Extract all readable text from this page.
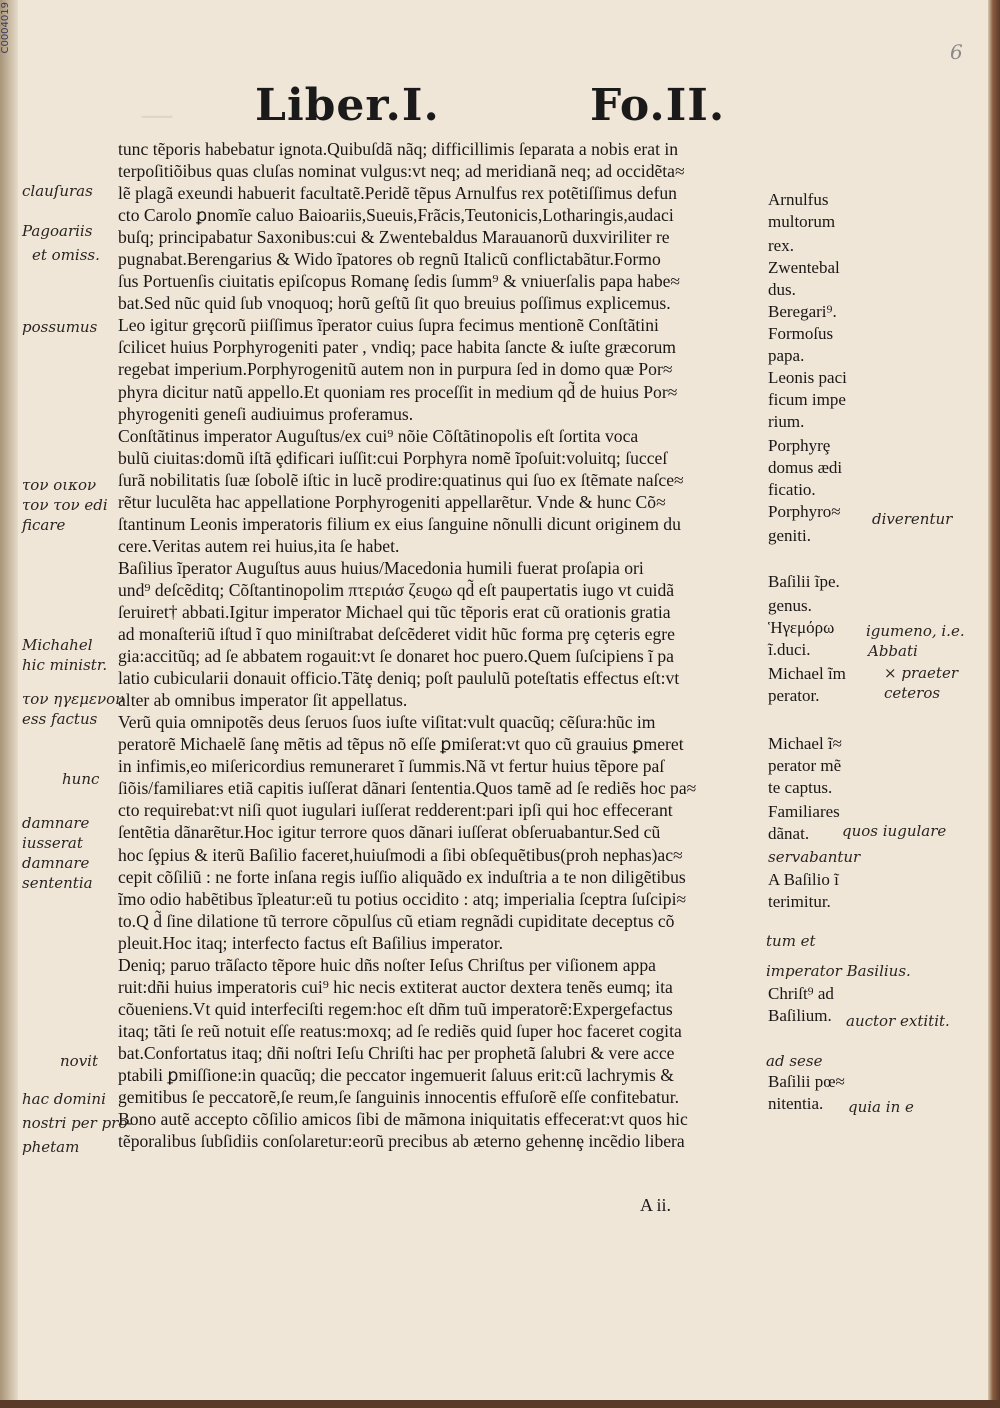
C0004019	6
— Liber.I.	Fo.II.
tunc tẽporis habebatur ignota.Quibuſdã nãq; difficillimis ſeparata a nobis erat in
terpoſitiõibus quas cluſas nominat vulgus:vt neq; ad meridianã neq; ad occidẽta≈
lẽ plagã exeundi habuerit facultatẽ.Peridẽ tẽpus Arnulfus rex potẽtiſſimus defun
cto Carolo ꝑnomĩe caluo Baioariis,Sueuis,Frãcis,Teutonicis,Lotharingis,audaci
buſq; principabatur Saxonibus:cui & Zwentebaldus Marauanorũ duxviriliter re
pugnabat.Berengarius & Wido ĩpatores ob regnũ Italicũ conflictabãtur.Formo
ſus Portuenſis ciuitatis epiſcopus Romanȩ ſedis ſumm⁹ & vniuerſalis papa habe≈
bat.Sed nũc quid ſub vnoquoq; horũ geſtũ ſit quo breuius poſſimus explicemus.
Leo igitur grȩcorũ piiſſimus ĩperator cuius ſupra fecimus mentionẽ Conſtãtini
ſcilicet huius Porphyrogeniti pater , vndiq; pace habita ſancte & iuſte græcorum
regebat imperium.Porphyrogenitũ autem non in purpura ſed in domo quæ Por≈
phyra dicitur natũ appello.Et quoniam res proceſſit in medium qd̃ de huius Por≈
phyrogeniti geneſi audiuimus proferamus.
Conſtãtinus imperator Auguſtus/ex cui⁹ nõie Cõſtãtinopolis eſt ſortita voca
bulũ ciuitas:domũ iſtã ȩdificari iuſſit:cui Porphyra nomẽ ĩpoſuit:voluitq; ſucceſ
ſurã nobilitatis ſuæ ſobolẽ iſtic in lucẽ prodire:quatinus qui ſuo ex ſtẽmate naſce≈
rẽtur luculẽta hac appellatione Porphyrogeniti appellarẽtur. Vnde & hunc Cõ≈
ſtantinum Leonis imperatoris filium ex eius ſanguine nõnulli dicunt originem du
cere.Veritas autem rei huius,ita ſe habet.
Baſilius ĩperator Auguſtus auus huius/Macedonia humili fuerat proſapia ori
und⁹ deſcẽditq; Cõſtantinopolim πτεριάσ ζευϱω qd̃ eſt paupertatis iugo vt cuidã
ſeruiret† abbati.Igitur imperator Michael qui tũc tẽporis erat cũ orationis gratia
ad monaſteriũ iſtud ĩ quo miniſtrabat deſcẽderet vidit hũc forma prȩ cȩteris egre
gia:accitũq; ad ſe abbatem rogauit:vt ſe donaret hoc puero.Quem ſuſcipiens ĩ pa
latio cubicularii donauit officio.Tãtȩ deniq; poſt paululũ poteſtatis effectus eſt:vt
alter ab omnibus imperator ſit appellatus.
Verũ quia omnipotẽs deus ſeruos ſuos iuſte viſitat:vult quacũq; cẽſura:hũc im
peratorẽ Michaelẽ ſanȩ mẽtis ad tẽpus nõ eſſe ꝑmiſerat:vt quo cũ grauius ꝑmeret
in infimis,eo miſericordius remuneraret ĩ ſummis.Nã vt fertur huius tẽpore paſ
ſiõis/familiares etiã capitis iuſſerat dãnari ſententia.Quos tamẽ ad ſe rediẽs hoc pa≈
cto requirebat:vt niſi quot iugulari iuſſerat redderent:pari ipſi qui hoc effecerant
ſentẽtia dãnarẽtur.Hoc igitur terrore quos dãnari iuſſerat obſeruabantur.Sed cũ
hoc ſȩpius & iterũ Baſilio faceret,huiuſmodi a ſibi obſequẽtibus(proh nephas)ac≈
cepit cõſiliũ : ne forte inſana regis iuſſio aliquãdo ex induſtria a te non diligẽtibus
ĩmo odio habẽtibus ĩpleatur:eũ tu potius occidito : atq; imperialia ſceptra ſuſcipi≈
to.Q d̃ ſine dilatione tũ terrore cõpulſus cũ etiam regnãdi cupiditate deceptus cõ
pleuit.Hoc itaq; interfecto factus eſt Baſilius imperator.
Deniq; paruo trãſacto tẽpore huic dñs noſter Ieſus Chriſtus per viſionem appa
ruit:dñi huius imperatoris cui⁹ hic necis extiterat auctor dextera tenẽs eumq; ita
cõueniens.Vt quid interfeciſti regem:hoc eſt dñm tuũ imperatorẽ:Expergefactus
itaq; tãti ſe reũ notuit eſſe reatus:moxq; ad ſe rediẽs quid ſuper hoc faceret cogita
bat.Confortatus itaq; dñi noſtri Ieſu Chriſti hac per prophetã ſalubri & vere acce
ptabili ꝑmiſſione:in quacũq; die peccator ingemuerit ſaluus erit:cũ lachrymis &
gemitibus ſe peccatorẽ,ſe reum,ſe ſanguinis innocentis effuſorẽ eſſe confitebatur.
Bono autẽ accepto cõſilio amicos ſibi de mãmona iniquitatis effecerat:vt quos hic
tẽporalibus ſubſidiis conſolaretur:eorũ precibus ab æterno gehennȩ incẽdio libera
Arnulfus
multorum
rex.
Zwentebal
dus.
Beregari⁹.
Formoſus
papa.
Leonis paci
ficum impe
rium.
Porphyrȩ
domus ædi
ficatio.
Porphyro≈
geniti.
Baſilii ĩpe.
genus.
Ἡγεμόρω
ĩ.duci.
Michael ĩm
perator.
Michael ĩ≈
perator mẽ
te captus.
Familiares
dãnat.
A Baſilio ĩ
terimitur.
Chriſt⁹ ad
Baſilium.
Baſilii pœ≈
nitentia.
clauſuras
Pagoariis
et omiss.
possumus
τον οικον
τον τον edi
ficare
Michahel
hic ministr.
τον ηγεμενον
ess factus
hunc
damnare
iusserat
damnare
sententia
novit
hac domini
nostri per pro-
phetam
diverentur
igumeno, i.e.
Abbati
× praeter
ceteros
quos iugulare
servabantur
tum et
imperator Basilius.
auctor extitit.
ad sese
quia in e
A ii.
